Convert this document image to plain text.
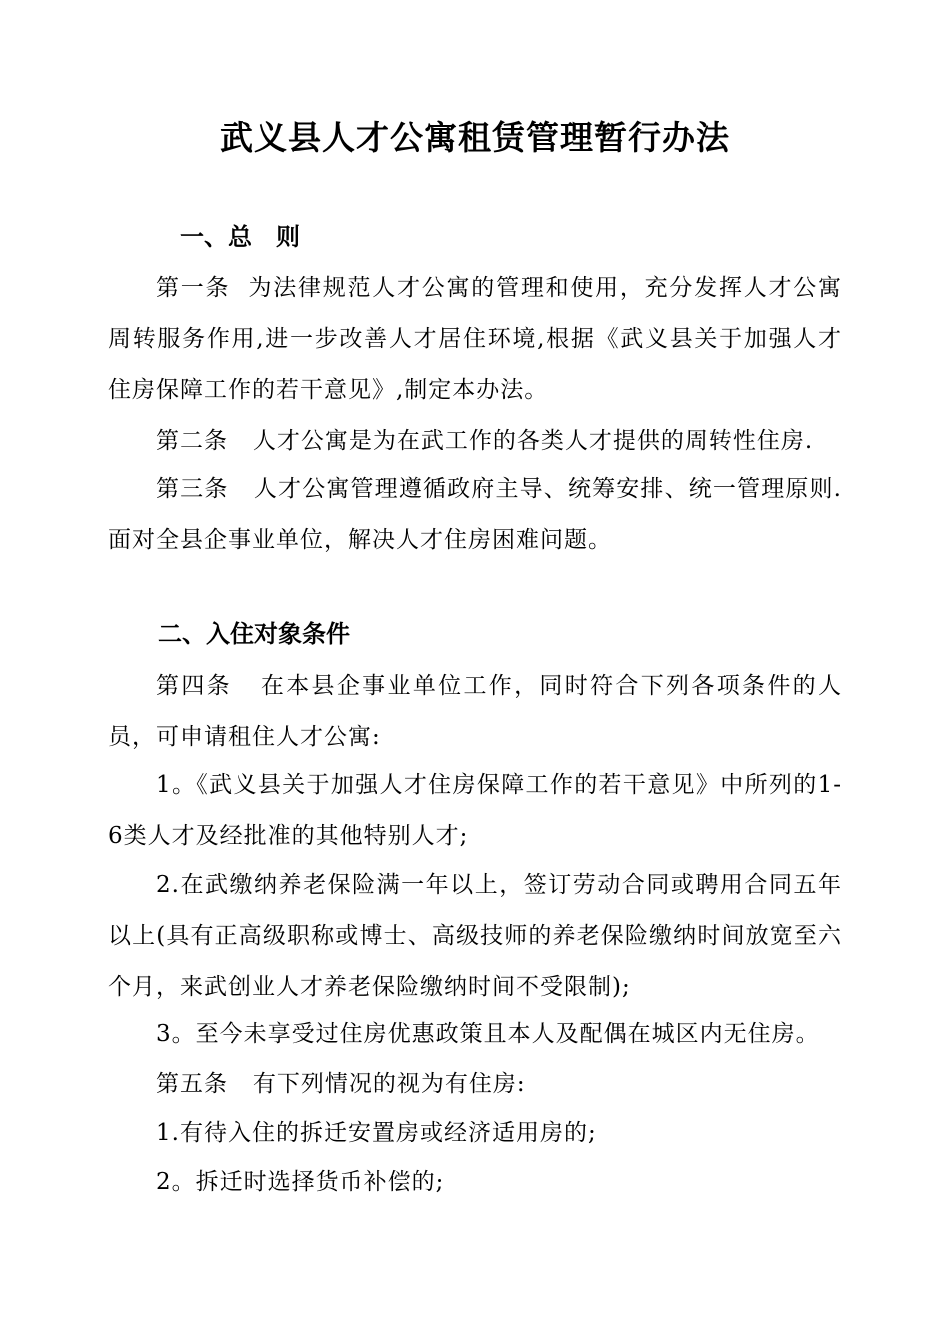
武义县人才公寓租赁管理暂行办法
一、总　则

第一条  为法律规范人才公寓的管理和使用，充分发挥人才公寓周转服务作用,进一步改善人才居住环境,根据《武义县关于加强人才住房保障工作的若干意见》,制定本办法。

第二条   人才公寓是为在武工作的各类人才提供的周转性住房.

第三条   人才公寓管理遵循政府主导、统筹安排、统一管理原则.面对全县企事业单位，解决人才住房困难问题。

二、入住对象条件

第四条   在本县企事业单位工作，同时符合下列各项条件的人员，可申请租住人才公寓:

1。《武义县关于加强人才住房保障工作的若干意见》中所列的1-6类人才及经批准的其他特别人才;

2.在武缴纳养老保险满一年以上，签订劳动合同或聘用合同五年以上(具有正高级职称或博士、高级技师的养老保险缴纳时间放宽至六个月，来武创业人才养老保险缴纳时间不受限制);

3。至今未享受过住房优惠政策且本人及配偶在城区内无住房。

第五条   有下列情况的视为有住房:

1.有待入住的拆迁安置房或经济适用房的;

2。拆迁时选择货币补偿的;
